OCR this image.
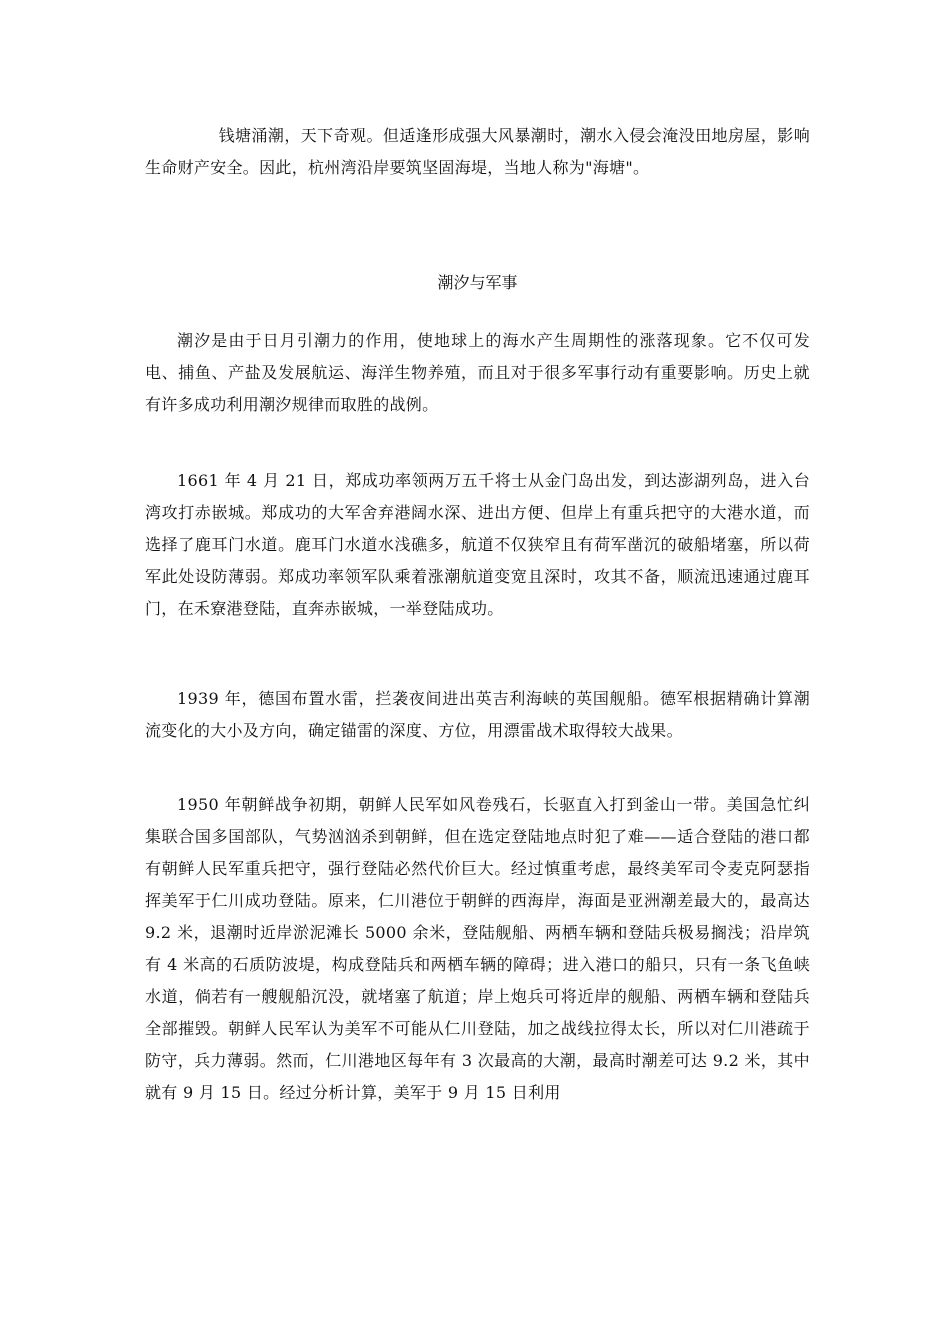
钱塘涌潮，天下奇观。但适逢形成强大风暴潮时，潮水入侵会淹没田地房屋，影响生命财产安全。因此，杭州湾沿岸要筑坚固海堤，当地人称为"海塘"。

潮汐与军事

潮汐是由于日月引潮力的作用，使地球上的海水产生周期性的涨落现象。它不仅可发电、捕鱼、产盐及发展航运、海洋生物养殖，而且对于很多军事行动有重要影响。历史上就有许多成功利用潮汐规律而取胜的战例。

1661 年 4 月 21 日，郑成功率领两万五千将士从金门岛出发，到达澎湖列岛，进入台湾攻打赤嵌城。郑成功的大军舍弃港阔水深、进出方便、但岸上有重兵把守的大港水道，而选择了鹿耳门水道。鹿耳门水道水浅礁多，航道不仅狭窄且有荷军凿沉的破船堵塞，所以荷军此处设防薄弱。郑成功率领军队乘着涨潮航道变宽且深时，攻其不备，顺流迅速通过鹿耳门，在禾寮港登陆，直奔赤嵌城，一举登陆成功。

1939 年，德国布置水雷，拦袭夜间进出英吉利海峡的英国舰船。德军根据精确计算潮流变化的大小及方向，确定锚雷的深度、方位，用漂雷战术取得较大战果。

1950 年朝鲜战争初期，朝鲜人民军如风卷残石，长驱直入打到釜山一带。美国急忙纠集联合国多国部队，气势汹汹杀到朝鲜，但在选定登陆地点时犯了难——适合登陆的港口都有朝鲜人民军重兵把守，强行登陆必然代价巨大。经过慎重考虑，最终美军司令麦克阿瑟指挥美军于仁川成功登陆。原来，仁川港位于朝鲜的西海岸，海面是亚洲潮差最大的，最高达 9.2 米，退潮时近岸淤泥滩长 5000 余米，登陆舰船、两栖车辆和登陆兵极易搁浅；沿岸筑有 4 米高的石质防波堤，构成登陆兵和两栖车辆的障碍；进入港口的船只，只有一条飞鱼峡水道，倘若有一艘舰船沉没，就堵塞了航道；岸上炮兵可将近岸的舰船、两栖车辆和登陆兵全部摧毁。朝鲜人民军认为美军不可能从仁川登陆，加之战线拉得太长，所以对仁川港疏于防守，兵力薄弱。然而，仁川港地区每年有 3 次最高的大潮，最高时潮差可达 9.2 米，其中就有 9 月 15 日。经过分析计算，美军于 9 月 15 日利用
